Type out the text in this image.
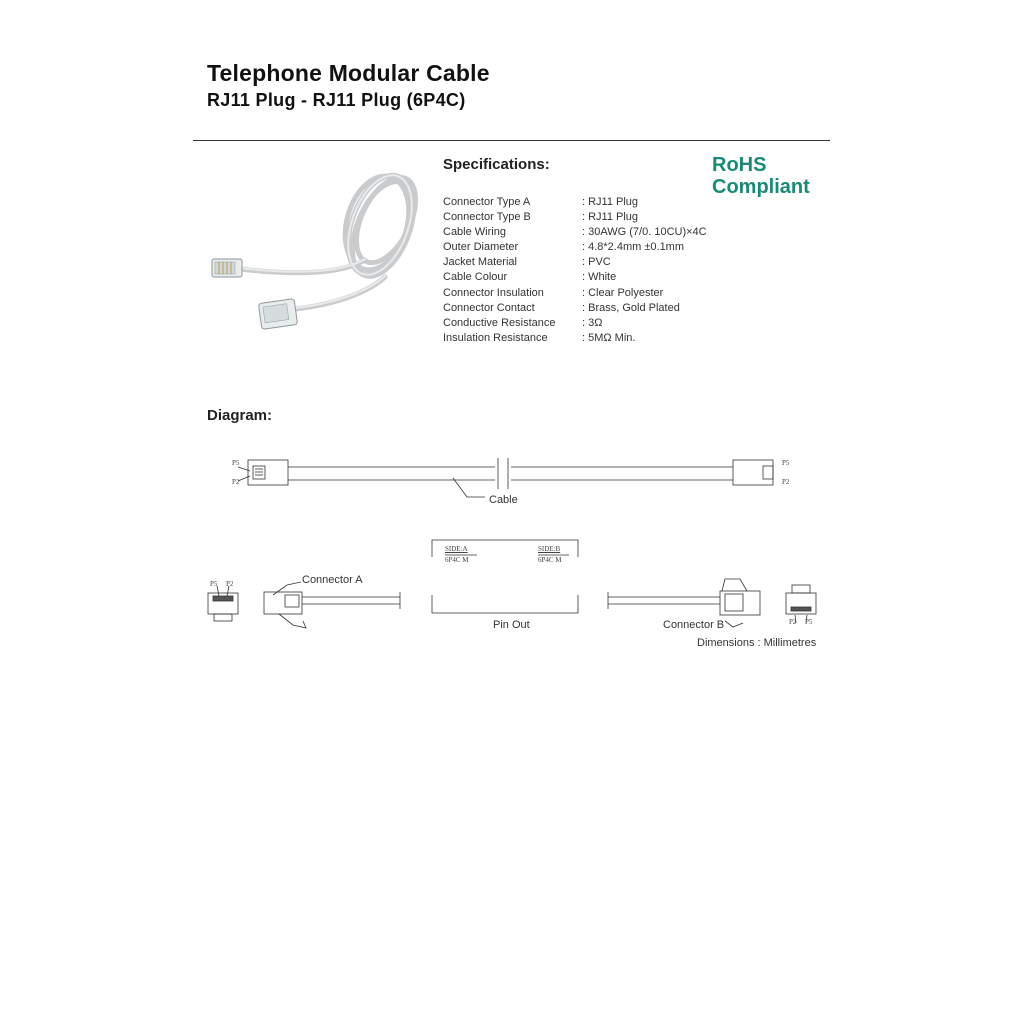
Telephone Modular Cable
RJ11 Plug - RJ11 Plug (6P4C)
Specifications:	RoHS
Compliant
Connector Type A	: RJ11 Plug
Connector Type B	: RJ11 Plug
Cable Wiring	: 30AWG (7/0. 10CU)×4C
Outer Diameter	: 4.8*2.4mm ±0.1mm
Jacket Material	: PVC
Cable Colour	: White
Connector Insulation	: Clear Polyester
Connector Contact	: Brass, Gold Plated
Conductive Resistance : 3Ω
Insulation Resistance	: 5MΩ Min.
Diagram:
P5
P2
P5
P2
Cable
P5 P2	Connector A
SIDE:A
6P4C M
SIDE:B
6P4C M
Pin Out	Connector B	P2 P5
Dimensions : Millimetres
